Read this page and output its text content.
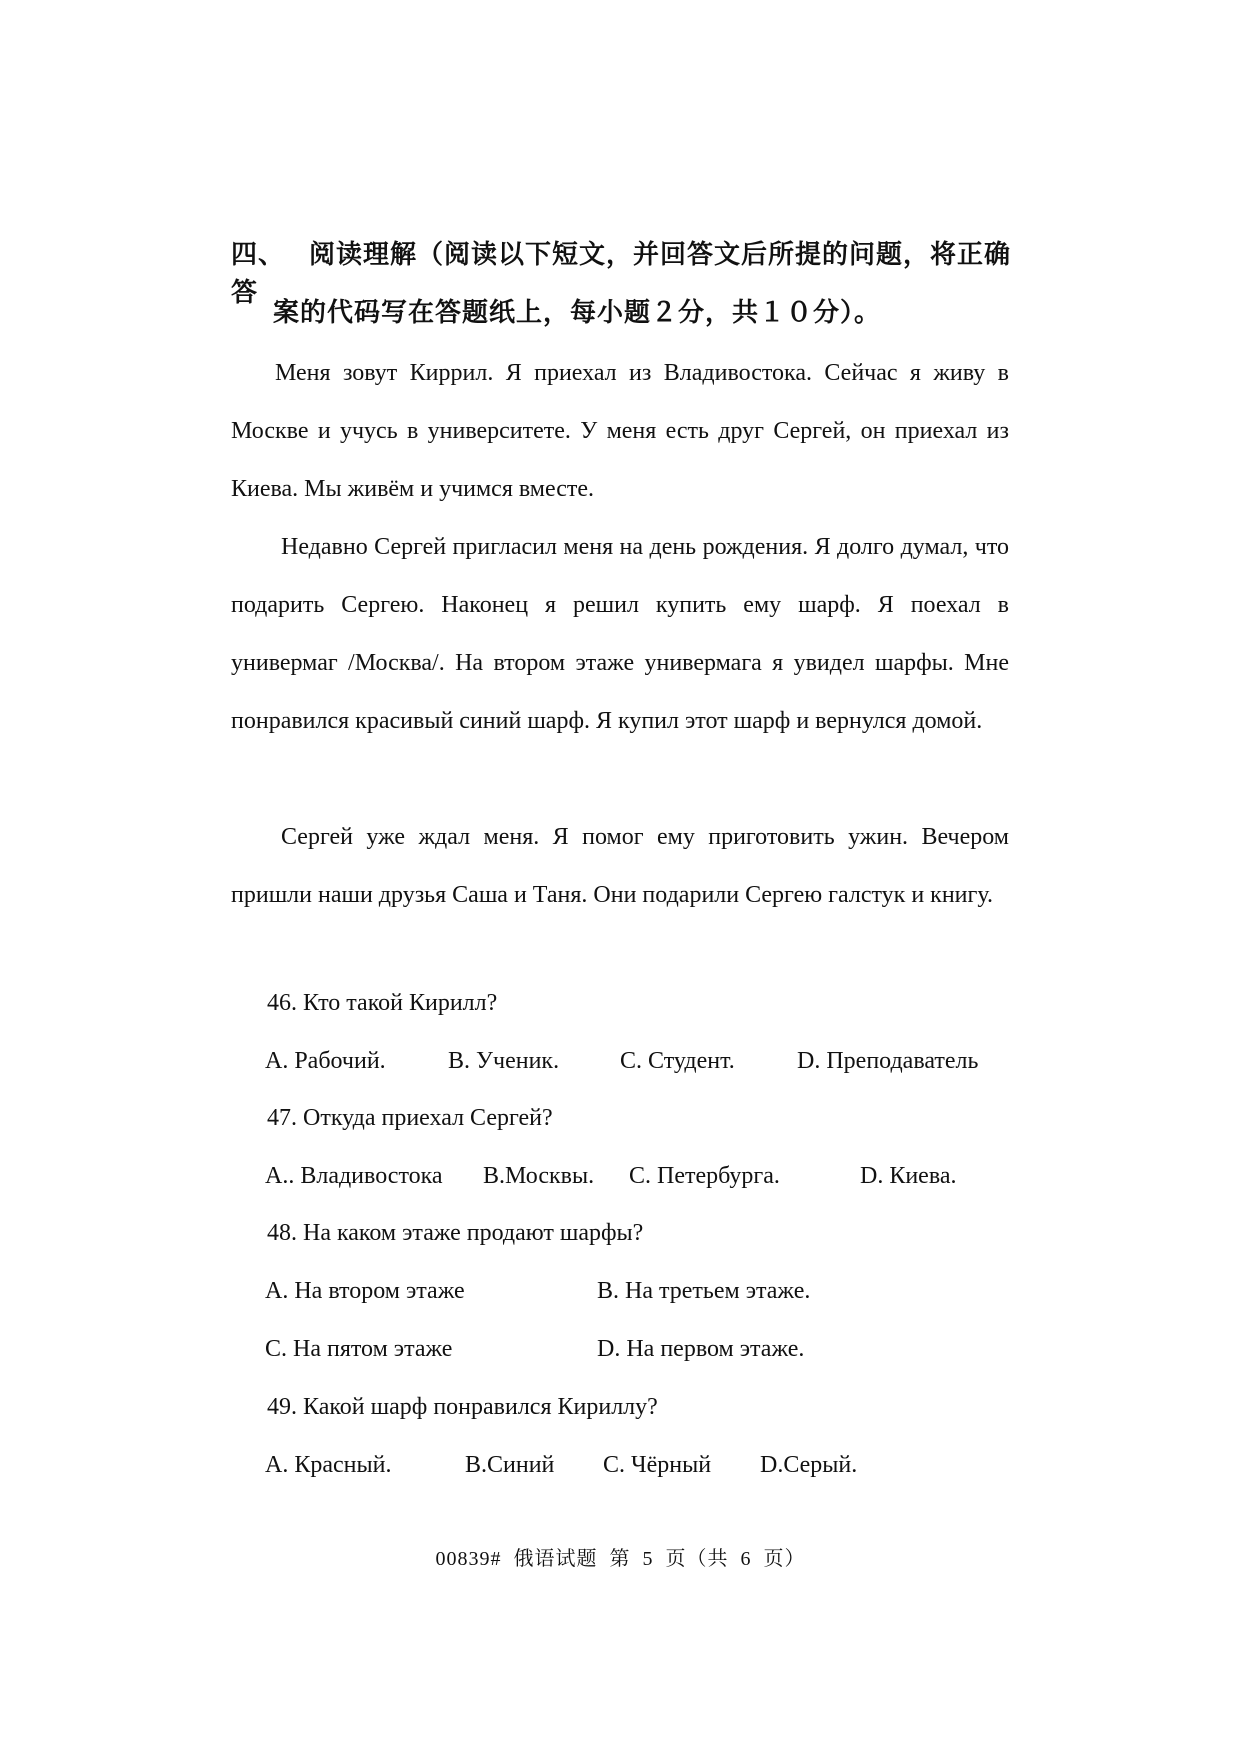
四、 阅读理解（阅读以下短文，并回答文后所提的问题，将正确答
案的代码写在答题纸上，每小题２分，共１０分）。

Меня зовут Киррил. Я приехал из Владивостока. Сейчас я живу в Москве и учусь в университете. У меня есть друг Сергей, он приехал из Киева. Мы живём и учимся вместе.

Недавно Сергей пригласил меня на день рождения. Я долго думал, что подарить Сергею. Наконец я решил купить ему шарф. Я поехал в универмаг /Москва/. На втором этаже универмага я увидел шарфы. Мне понравился красивый синий шарф. Я купил этот шарф и вернулся домой.

Сергей уже ждал меня. Я помог ему приготовить ужин. Вечером пришли наши друзья Саша и Таня. Они подарили Сергею галстук и книгу.

46. Кто такой Кирилл?
A. Рабочий.	B. Ученик.	C. Студент.	D. Преподаватель
47. Откуда приехал Сергей?
A.. Владивостока B.Москвы. C. Петербурга.	D. Киева.
48. На каком этаже продают шарфы?
A. На втором этаже	B. На третьем этаже.
C. На пятом этаже	D. На первом этаже.
49. Какой шарф понравился Кириллу?
A. Красный.	B.Синий C. Чёрный D.Серый.
00839#  俄语试题  第  5  页（共  6  页）
